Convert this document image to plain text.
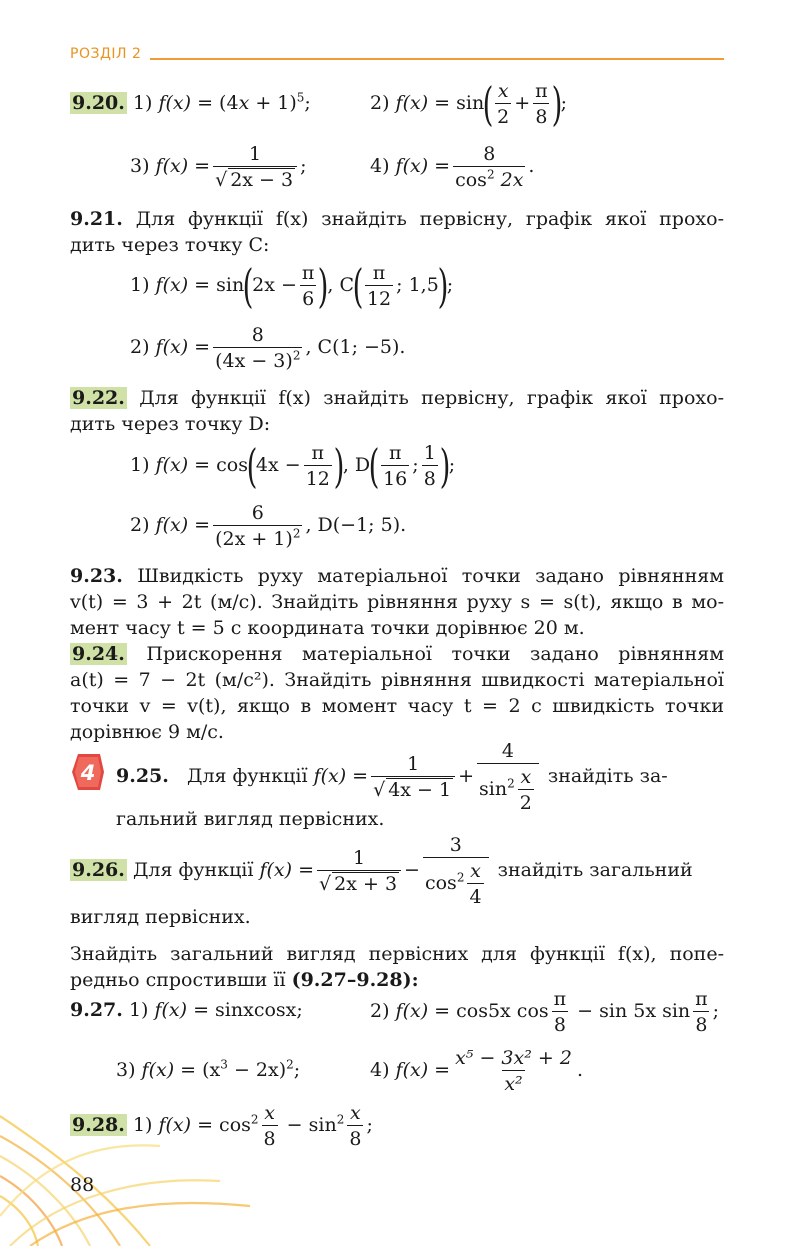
РОЗДІЛ 2
9.20. 1) $f(x) = (4x + 1)^5$;	2) $f(x) = \sin( \frac{x}{2} + \frac{\pi}{8}$ );
3) $f(x) = \frac{1}{√ 2x - 3}$ ;	4) $f(x) = \frac{8}{\cos^2 2x}$ .
9.21. Для функції f(x) знайдіть первісну, графік якої прохо-
дить через точку C:
1) $f(x) = \sin(2x - \frac{\pi}{6}$ ), $C( \frac{\pi}{12}$ ; 1,5);
2) $f(x) = \frac{8}{(4x - 3)^2}$ , C(1; −5).
9.22. Для функції f(x) знайдіть первісну, графік якої прохо-
дить через точку D:
1) $f(x) = \cos(4x - \frac{\pi}{12}$ ), $D( \frac{\pi}{16}$ ; $\frac{1}{8}$ );
2) $f(x) = \frac{6}{(2x + 1)^2}$ , D(−1; 5).
9.23. Швидкість руху матеріальної точки задано рівнянням
v(t) = 3 + 2t (м/с). Знайдіть рівняння руху s = s(t), якщо в мо-
мент часу t = 5 с координата точки дорівнює 20 м.
9.24. Прискорення матеріальної точки задано рівнянням
a(t) = 7 − 2t (м/с²). Знайдіть рівняння швидкості матеріальної
точки v = v(t), якщо в момент часу t = 2 с швидкість точки
дорівнює 9 м/с.
4 9.25. Для функції $f(x) = \frac{1}{√ 4x - 1} + \frac{4}{\sin^2 \frac{x}{2}}$ знайдіть за-
гальний вигляд первісних.
9.26. Для функції $f(x) = \frac{1}{√ 2x + 3} - \frac{3}{\cos^2 \frac{x}{4}}$ знайдіть загальний
вигляд первісних.
Знайдіть загальний вигляд первісних для функції f(x), попе-
редньо спростивши її (9.27–9.28):
9.27. 1) f(x) = sinxcosx;	2) f(x) = cos5x $\cos \frac{\pi}{8} - \sin 5x$ $\sin \frac{\pi}{8}$ ;
3) $f(x) = (x^3 - 2x)^2$;	4) $f(x) = \frac{\text{x⁵ − 3x² + 2}}{\text{x²}}$ .
9.28. 1) $f(x) = \cos^2 \frac{x}{8} - \sin^2 \frac{x}{8}$ ;
88
